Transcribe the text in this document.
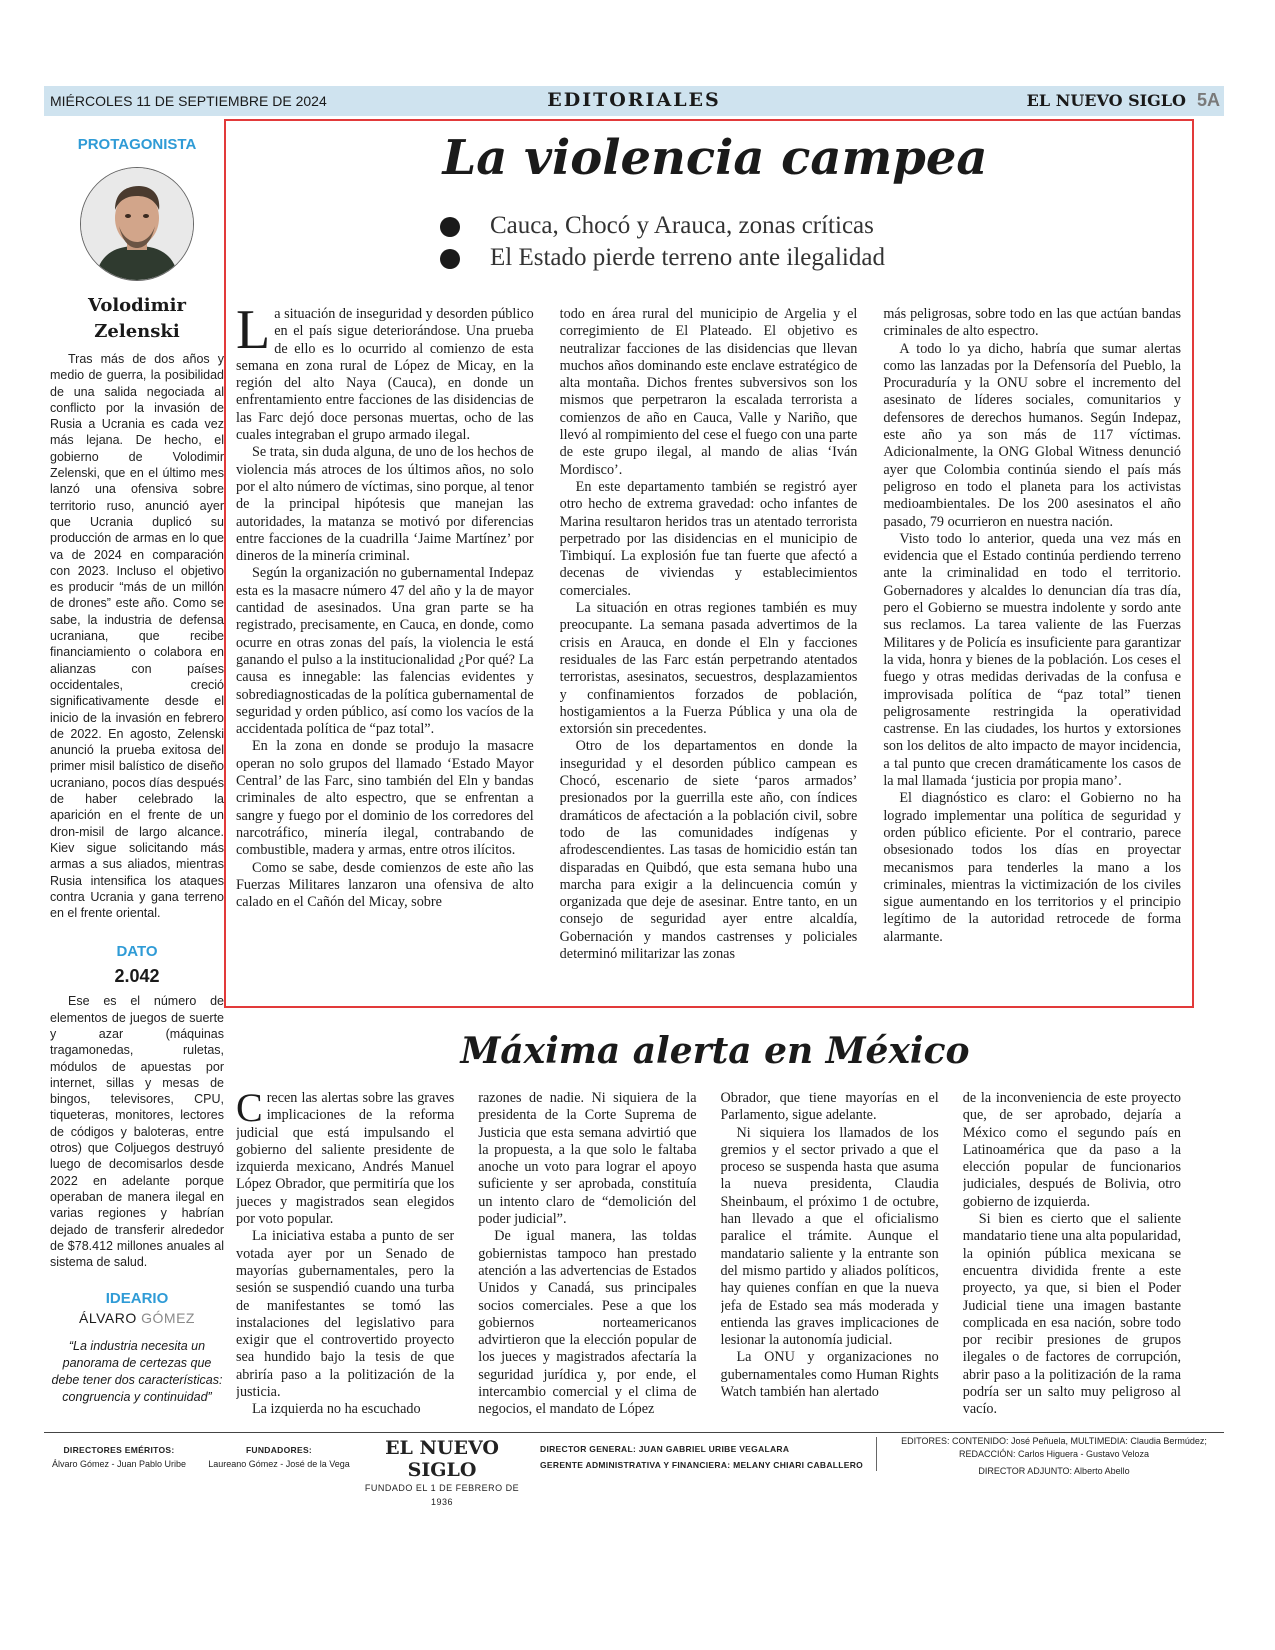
MIÉRCOLES 11 DE SEPTIEMBRE DE 2024	EDITORIALES	EL NUEVO SIGLO 5A
PROTAGONISTA
Volodimir
Zelenski

Tras más de dos años y medio de guerra, la posibilidad de una salida negociada al conflicto por la invasión de Rusia a Ucrania es cada vez más lejana. De hecho, el gobierno de Volodimir Zelenski, que en el último mes lanzó una ofensiva sobre territorio ruso, anunció ayer que Ucrania duplicó su producción de armas en lo que va de 2024 en comparación con 2023. Incluso el objetivo es producir “más de un millón de drones” este año. Como se sabe, la industria de defensa ucraniana, que recibe financiamiento o colabora en alianzas con países occidentales, creció significativamente desde el inicio de la invasión en febrero de 2022. En agosto, Zelenski anunció la prueba exitosa del primer misil balístico de diseño ucraniano, pocos días después de haber celebrado la aparición en el frente de un dron-misil de largo alcance. Kiev sigue solicitando más armas a sus aliados, mientras Rusia intensifica los ataques contra Ucrania y gana terreno en el frente oriental.

DATO
2.042

Ese es el número de elementos de juegos de suerte y azar (máquinas tragamonedas, ruletas, módulos de apuestas por internet, sillas y mesas de bingos, televisores, CPU, tiqueteras, monitores, lectores de códigos y baloteras, entre otros) que Coljuegos destruyó luego de decomisarlos desde 2022 en adelante porque operaban de manera ilegal en varias regiones y habrían dejado de transferir alrededor de $78.412 millones anuales al sistema de salud.

IDEARIO
ÁLVARO GÓMEZ
“La industria necesita un panorama de certezas que debe tener dos características: congruencia y continuidad”
La violencia campea
Cauca, Chocó y Arauca, zonas críticas
El Estado pierde terreno ante ilegalidad

La situación de inseguridad y desorden público en el país sigue deteriorándose. Una prueba de ello es lo ocurrido al comienzo de esta semana en zona rural de López de Micay, en la región del alto Naya (Cauca), en donde un enfrentamiento entre facciones de las disidencias de las Farc dejó doce personas muertas, ocho de las cuales integraban el grupo armado ilegal.

Se trata, sin duda alguna, de uno de los hechos de violencia más atroces de los últimos años, no solo por el alto número de víctimas, sino porque, al tenor de la principal hipótesis que manejan las autoridades, la matanza se motivó por diferencias entre facciones de la cuadrilla ‘Jaime Martínez’ por dineros de la minería criminal.

Según la organización no gubernamental Indepaz esta es la masacre número 47 del año y la de mayor cantidad de asesinados. Una gran parte se ha registrado, precisamente, en Cauca, en donde, como ocurre en otras zonas del país, la violencia le está ganando el pulso a la institucionalidad ¿Por qué? La causa es innegable: las falencias evidentes y sobrediagnosticadas de la política gubernamental de seguridad y orden público, así como los vacíos de la accidentada política de “paz total”.

En la zona en donde se produjo la masacre operan no solo grupos del llamado ‘Estado Mayor Central’ de las Farc, sino también del Eln y bandas criminales de alto espectro, que se enfrentan a sangre y fuego por el dominio de los corredores del narcotráfico, minería ilegal, contrabando de combustible, madera y armas, entre otros ilícitos.

Como se sabe, desde comienzos de este año las Fuerzas Militares lanzaron una ofensiva de alto calado en el Cañón del Micay, sobre

todo en área rural del municipio de Argelia y el corregimiento de El Plateado. El objetivo es neutralizar facciones de las disidencias que llevan muchos años dominando este enclave estratégico de alta montaña. Dichos frentes subversivos son los mismos que perpetraron la escalada terrorista a comienzos de año en Cauca, Valle y Nariño, que llevó al rompimiento del cese el fuego con una parte de este grupo ilegal, al mando de alias ‘Iván Mordisco’.

En este departamento también se registró ayer otro hecho de extrema gravedad: ocho infantes de Marina resultaron heridos tras un atentado terrorista perpetrado por las disidencias en el municipio de Timbiquí. La explosión fue tan fuerte que afectó a decenas de viviendas y establecimientos comerciales.

La situación en otras regiones también es muy preocupante. La semana pasada advertimos de la crisis en Arauca, en donde el Eln y facciones residuales de las Farc están perpetrando atentados terroristas, asesinatos, secuestros, desplazamientos y confinamientos forzados de población, hostigamientos a la Fuerza Pública y una ola de extorsión sin precedentes.

Otro de los departamentos en donde la inseguridad y el desorden público campean es Chocó, escenario de siete ‘paros armados’ presionados por la guerrilla este año, con índices dramáticos de afectación a la población civil, sobre todo de las comunidades indígenas y afrodescendientes. Las tasas de homicidio están tan disparadas en Quibdó, que esta semana hubo una marcha para exigir a la delincuencia común y organizada que deje de asesinar. Entre tanto, en un consejo de seguridad ayer entre alcaldía, Gobernación y mandos castrenses y policiales determinó militarizar las zonas

más peligrosas, sobre todo en las que actúan bandas criminales de alto espectro.

A todo lo ya dicho, habría que sumar alertas como las lanzadas por la Defensoría del Pueblo, la Procuraduría y la ONU sobre el incremento del asesinato de líderes sociales, comunitarios y defensores de derechos humanos. Según Indepaz, este año ya son más de 117 víctimas. Adicionalmente, la ONG Global Witness denunció ayer que Colombia continúa siendo el país más peligroso en todo el planeta para los activistas medioambientales. De los 200 asesinatos el año pasado, 79 ocurrieron en nuestra nación.

Visto todo lo anterior, queda una vez más en evidencia que el Estado continúa perdiendo terreno ante la criminalidad en todo el territorio. Gobernadores y alcaldes lo denuncian día tras día, pero el Gobierno se muestra indolente y sordo ante sus reclamos. La tarea valiente de las Fuerzas Militares y de Policía es insuficiente para garantizar la vida, honra y bienes de la población. Los ceses el fuego y otras medidas derivadas de la confusa e improvisada política de “paz total” tienen peligrosamente restringida la operatividad castrense. En las ciudades, los hurtos y extorsiones son los delitos de alto impacto de mayor incidencia, a tal punto que crecen dramáticamente los casos de la mal llamada ‘justicia por propia mano’.

El diagnóstico es claro: el Gobierno no ha logrado implementar una política de seguridad y orden público eficiente. Por el contrario, parece obsesionado todos los días en proyectar mecanismos para tenderles la mano a los criminales, mientras la victimización de los civiles sigue aumentando en los territorios y el principio legítimo de la autoridad retrocede de forma alarmante.

Máxima alerta en México

Crecen las alertas sobre las graves implicaciones de la reforma judicial que está impulsando el gobierno del saliente presidente de izquierda mexicano, Andrés Manuel López Obrador, que permitiría que los jueces y magistrados sean elegidos por voto popular.

La iniciativa estaba a punto de ser votada ayer por un Senado de mayorías gubernamentales, pero la sesión se suspendió cuando una turba de manifestantes se tomó las instalaciones del legislativo para exigir que el controvertido proyecto sea hundido bajo la tesis de que abriría paso a la politización de la justicia.

La izquierda no ha escuchado

razones de nadie. Ni siquiera de la presidenta de la Corte Suprema de Justicia que esta semana advirtió que la propuesta, a la que solo le faltaba anoche un voto para lograr el apoyo suficiente y ser aprobada, constituía un intento claro de “demolición del poder judicial”.

De igual manera, las toldas gobiernistas tampoco han prestado atención a las advertencias de Estados Unidos y Canadá, sus principales socios comerciales. Pese a que los gobiernos norteamericanos advirtieron que la elección popular de los jueces y magistrados afectaría la seguridad jurídica y, por ende, el intercambio comercial y el clima de negocios, el mandato de López

Obrador, que tiene mayorías en el Parlamento, sigue adelante.

Ni siquiera los llamados de los gremios y el sector privado a que el proceso se suspenda hasta que asuma la nueva presidenta, Claudia Sheinbaum, el próximo 1 de octubre, han llevado a que el oficialismo paralice el trámite. Aunque el mandatario saliente y la entrante son del mismo partido y aliados políticos, hay quienes confían en que la nueva jefa de Estado sea más moderada y entienda las graves implicaciones de lesionar la autonomía judicial.

La ONU y organizaciones no gubernamentales como Human Rights Watch también han alertado

de la inconveniencia de este proyecto que, de ser aprobado, dejaría a México como el segundo país en Latinoamérica que da paso a la elección popular de funcionarios judiciales, después de Bolivia, otro gobierno de izquierda.

Si bien es cierto que el saliente mandatario tiene una alta popularidad, la opinión pública mexicana se encuentra dividida frente a este proyecto, ya que, si bien el Poder Judicial tiene una imagen bastante complicada en esa nación, sobre todo por recibir presiones de grupos ilegales o de factores de corrupción, abrir paso a la politización de la rama podría ser un salto muy peligroso al vacío.

DIRECTORES EMÉRITOS:
Álvaro Gómez - Juan Pablo Uribe
FUNDADORES:
Laureano Gómez - José de la Vega
EL NUEVO SIGLO
FUNDADO EL 1 DE FEBRERO DE 1936
DIRECTOR GENERAL: JUAN GABRIEL URIBE VEGALARA
GERENTE ADMINISTRATIVA Y FINANCIERA: MELANY CHIARI CABALLERO
EDITORES: CONTENIDO: José Peñuela, MULTIMEDIA: Claudia Bermúdez;
REDACCIÓN: Carlos Higuera - Gustavo Veloza
DIRECTOR ADJUNTO: Alberto Abello
